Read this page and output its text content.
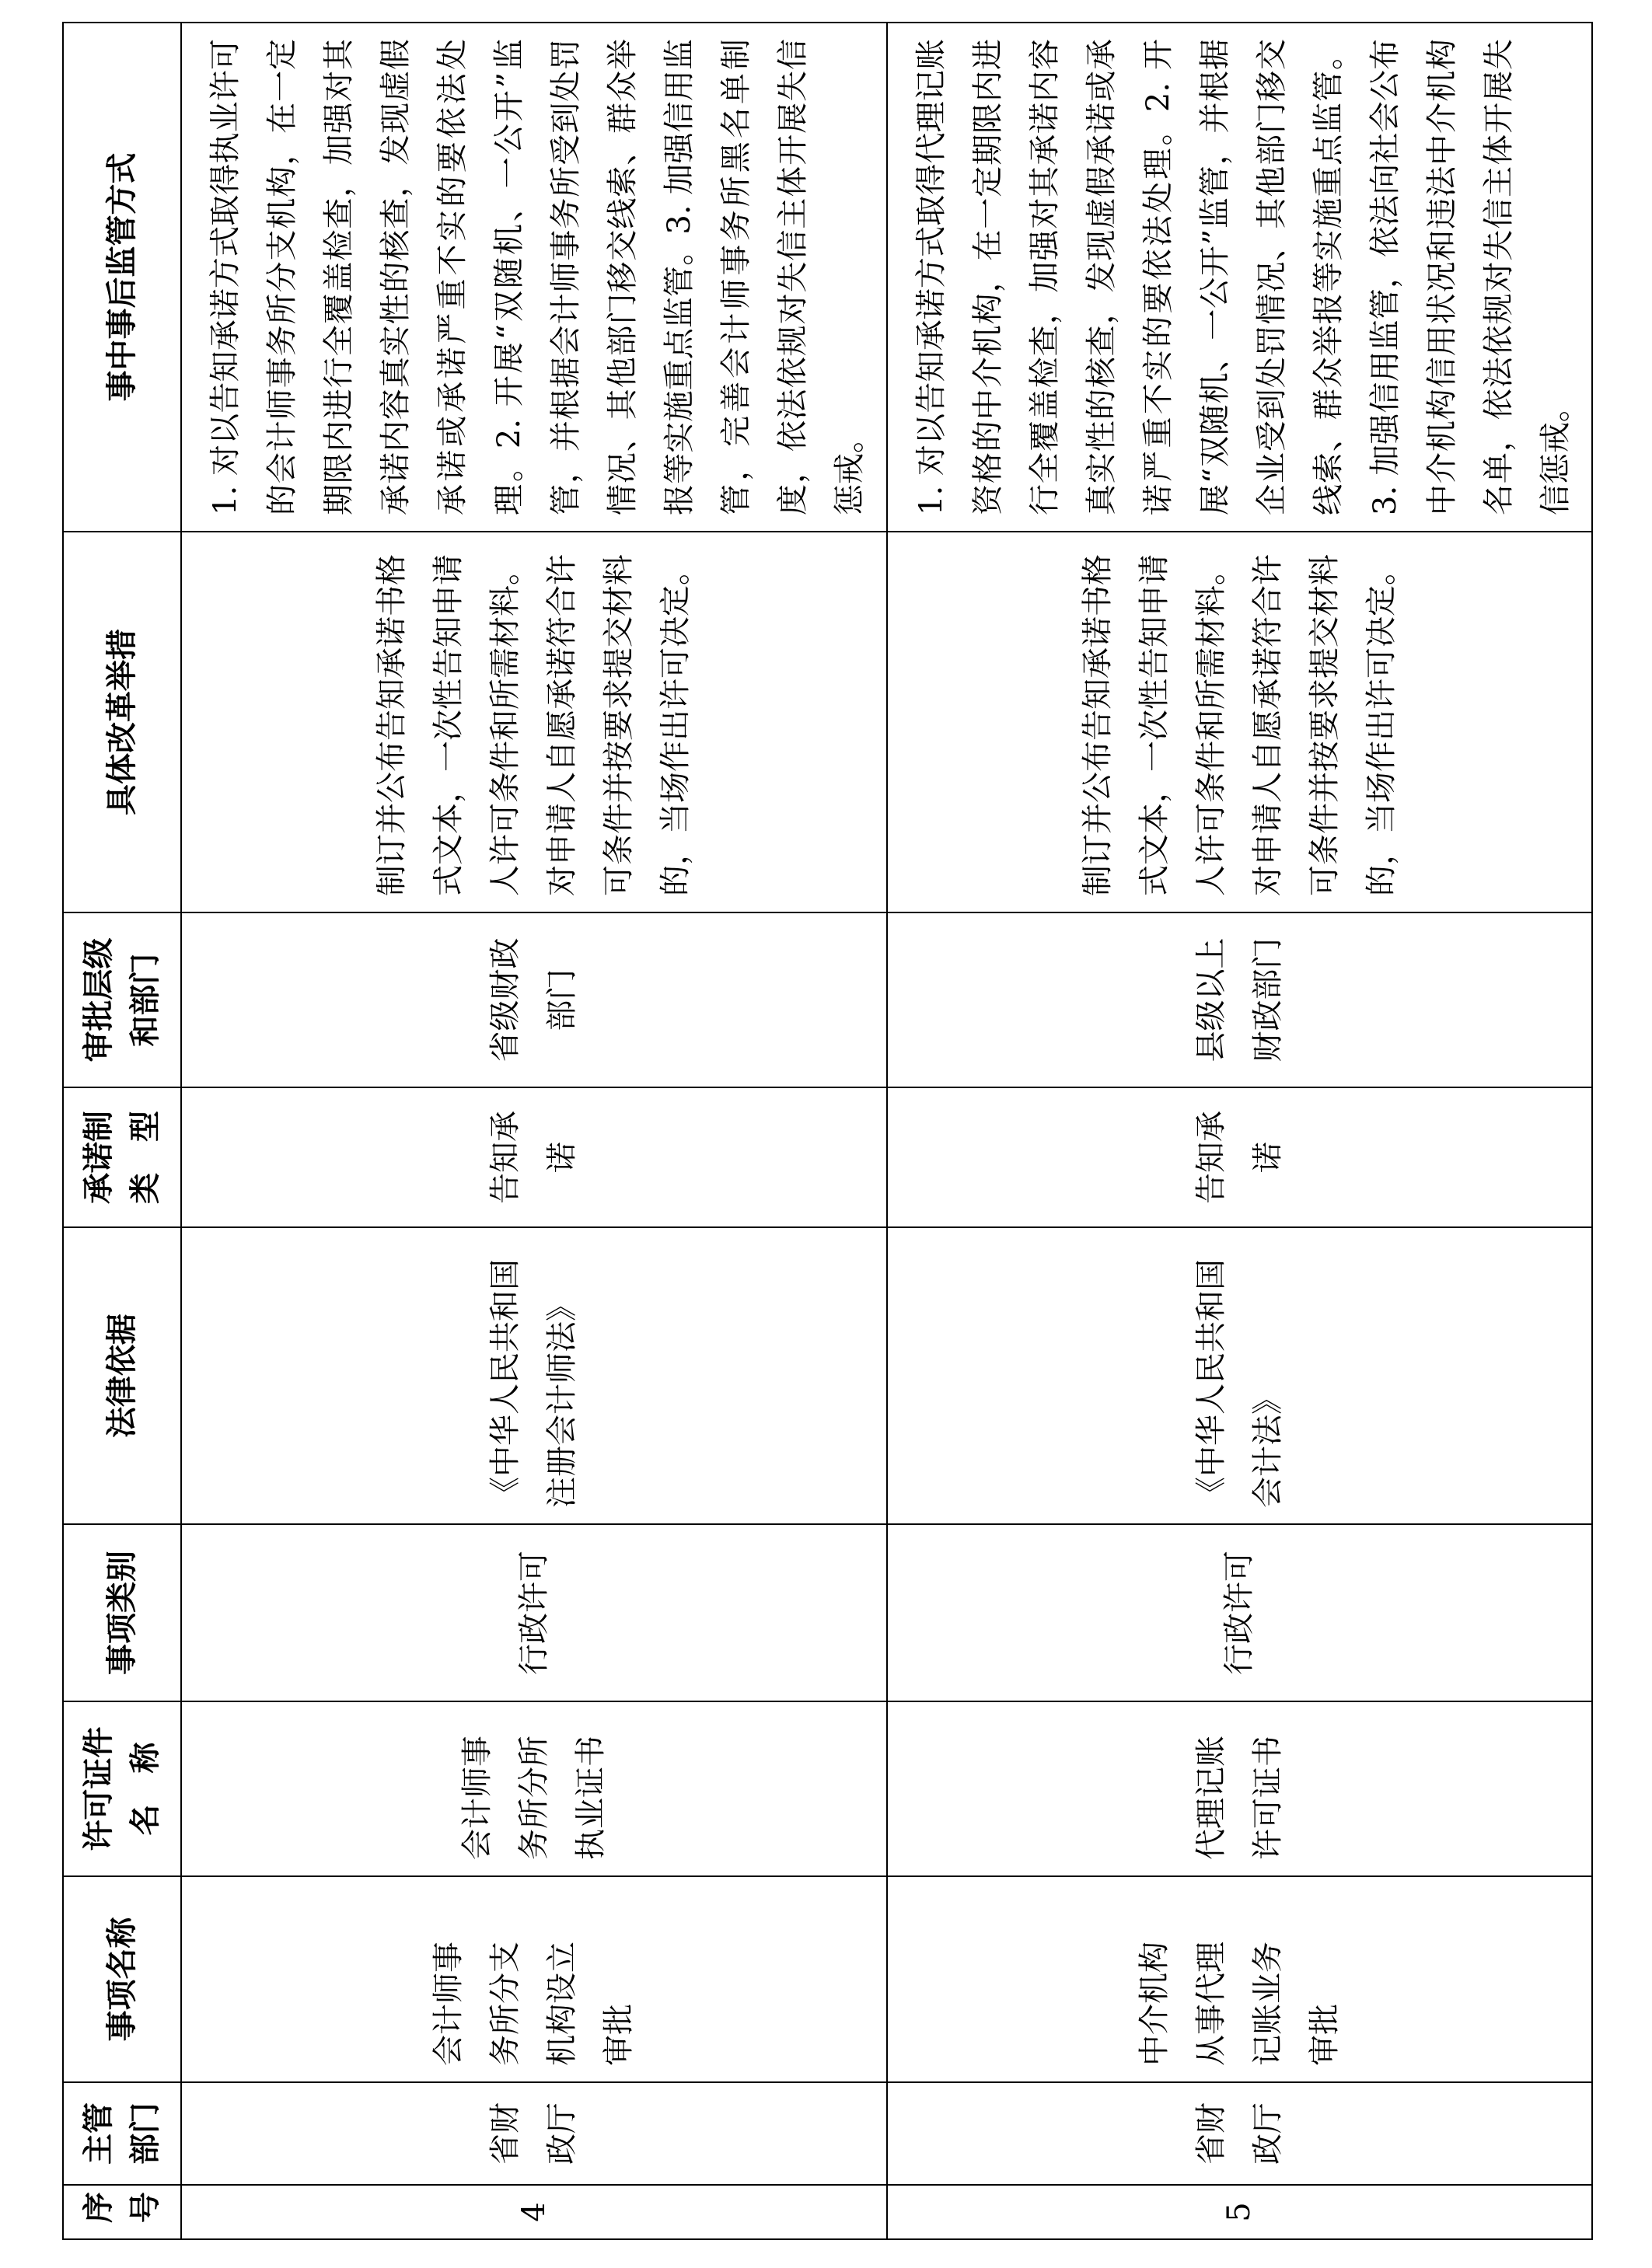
序
号	主管
部门	事项名称	许可证件
名　称	事项类别	法律依据	承诺制
类　型	审批层级
和部门	具体改革举措	事中事后监管方式
4	省财
政厅	会计师事
务所分支
机构设立
审批	会计师事
务所分所
执业证书	行政许可	《中华人民共和国
注册会计师法》	告知承诺	省级财政
部门	制订并公布告知承诺书格式文本，一次性告知申请人许可条件和所需材料。对申请人自愿承诺符合许可条件并按要求提交材料的，当场作出许可决定。	1. 对以告知承诺方式取得执业许可的会计师事务所分支机构，在一定期限内进行全覆盖检查，加强对其承诺内容真实性的核查，发现虚假承诺或承诺严重不实的要依法处理。2. 开展“双随机、一公开”监管，并根据会计师事务所受到处罚情况、其他部门移交线索、群众举报等实施重点监管。3. 加强信用监管，完善会计师事务所黑名单制度，依法依规对失信主体开展失信惩戒。
5	省财
政厅	中介机构
从事代理
记账业务
审批	代理记账
许可证书	行政许可	《中华人民共和国
会计法》	告知承诺	县级以上
财政部门	制订并公布告知承诺书格式文本，一次性告知申请人许可条件和所需材料。对申请人自愿承诺符合许可条件并按要求提交材料的，当场作出许可决定。	1. 对以告知承诺方式取得代理记账资格的中介机构，在一定期限内进行全覆盖检查，加强对其承诺内容真实性的核查，发现虚假承诺或承诺严重不实的要依法处理。2. 开展“双随机、一公开”监管，并根据企业受到处罚情况、其他部门移交线索、群众举报等实施重点监管。3. 加强信用监管，依法向社会公布中介机构信用状况和违法中介机构名单，依法依规对失信主体开展失信惩戒。
